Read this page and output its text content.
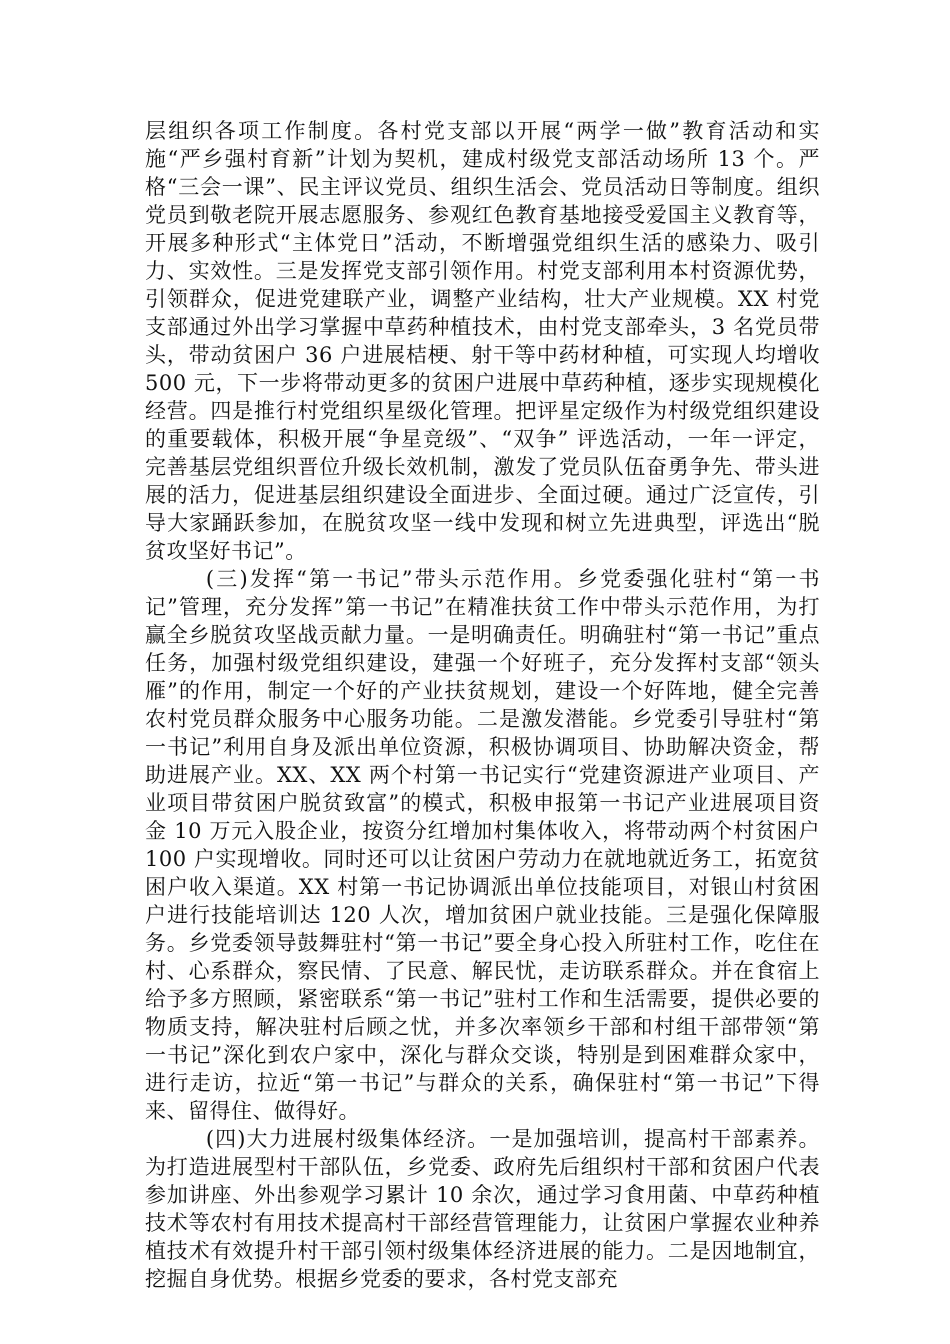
层组织各项工作制度。各村党支部以开展“两学一做”教育活动和实施“严乡强村育新”计划为契机，建成村级党支部活动场所 13 个。严格“三会一课”、民主评议党员、组织生活会、党员活动日等制度。组织党员到敬老院开展志愿服务、参观红色教育基地接受爱国主义教育等，开展多种形式“主体党日”活动，不断增强党组织生活的感染力、吸引力、实效性。三是发挥党支部引领作用。村党支部利用本村资源优势，引领群众，促进党建联产业，调整产业结构，壮大产业规模。XX 村党支部通过外出学习掌握中草药种植技术，由村党支部牵头，3 名党员带头，带动贫困户 36 户进展桔梗、射干等中药材种植，可实现人均增收 500 元，下一步将带动更多的贫困户进展中草药种植，逐步实现规模化经营。四是推行村党组织星级化管理。把评星定级作为村级党组织建设的重要载体，积极开展“争星竞级”、“双争” 评选活动，一年一评定，完善基层党组织晋位升级长效机制，激发了党员队伍奋勇争先、带头进展的活力，促进基层组织建设全面进步、全面过硬。通过广泛宣传，引导大家踊跃参加，在脱贫攻坚一线中发现和树立先进典型，评选出“脱贫攻坚好书记”。

(三)发挥“第一书记”带头示范作用。乡党委强化驻村“第一书记”管理，充分发挥”第一书记”在精准扶贫工作中带头示范作用，为打赢全乡脱贫攻坚战贡献力量。一是明确责任。明确驻村“第一书记”重点任务，加强村级党组织建设，建强一个好班子，充分发挥村支部“领头雁”的作用，制定一个好的产业扶贫规划，建设一个好阵地，健全完善农村党员群众服务中心服务功能。二是激发潜能。乡党委引导驻村“第一书记”利用自身及派出单位资源，积极协调项目、协助解决资金，帮助进展产业。XX、XX 两个村第一书记实行“党建资源进产业项目、产业项目带贫困户脱贫致富”的模式，积极申报第一书记产业进展项目资金 10 万元入股企业，按资分红增加村集体收入，将带动两个村贫困户 100 户实现增收。同时还可以让贫困户劳动力在就地就近务工，拓宽贫困户收入渠道。XX 村第一书记协调派出单位技能项目，对银山村贫困户进行技能培训达 120 人次，增加贫困户就业技能。三是强化保障服务。乡党委领导鼓舞驻村“第一书记”要全身心投入所驻村工作，吃住在村、心系群众，察民情、了民意、解民忧，走访联系群众。并在食宿上给予多方照顾，紧密联系“第一书记”驻村工作和生活需要，提供必要的物质支持，解决驻村后顾之忧，并多次率领乡干部和村组干部带领“第一书记”深化到农户家中，深化与群众交谈，特别是到困难群众家中，进行走访，拉近“第一书记”与群众的关系，确保驻村“第一书记”下得来、留得住、做得好。

(四)大力进展村级集体经济。一是加强培训，提高村干部素养。为打造进展型村干部队伍，乡党委、政府先后组织村干部和贫困户代表参加讲座、外出参观学习累计 10 余次，通过学习食用菌、中草药种植技术等农村有用技术提高村干部经营管理能力，让贫困户掌握农业种养植技术有效提升村干部引领村级集体经济进展的能力。二是因地制宜，挖掘自身优势。根据乡党委的要求，各村党支部充
